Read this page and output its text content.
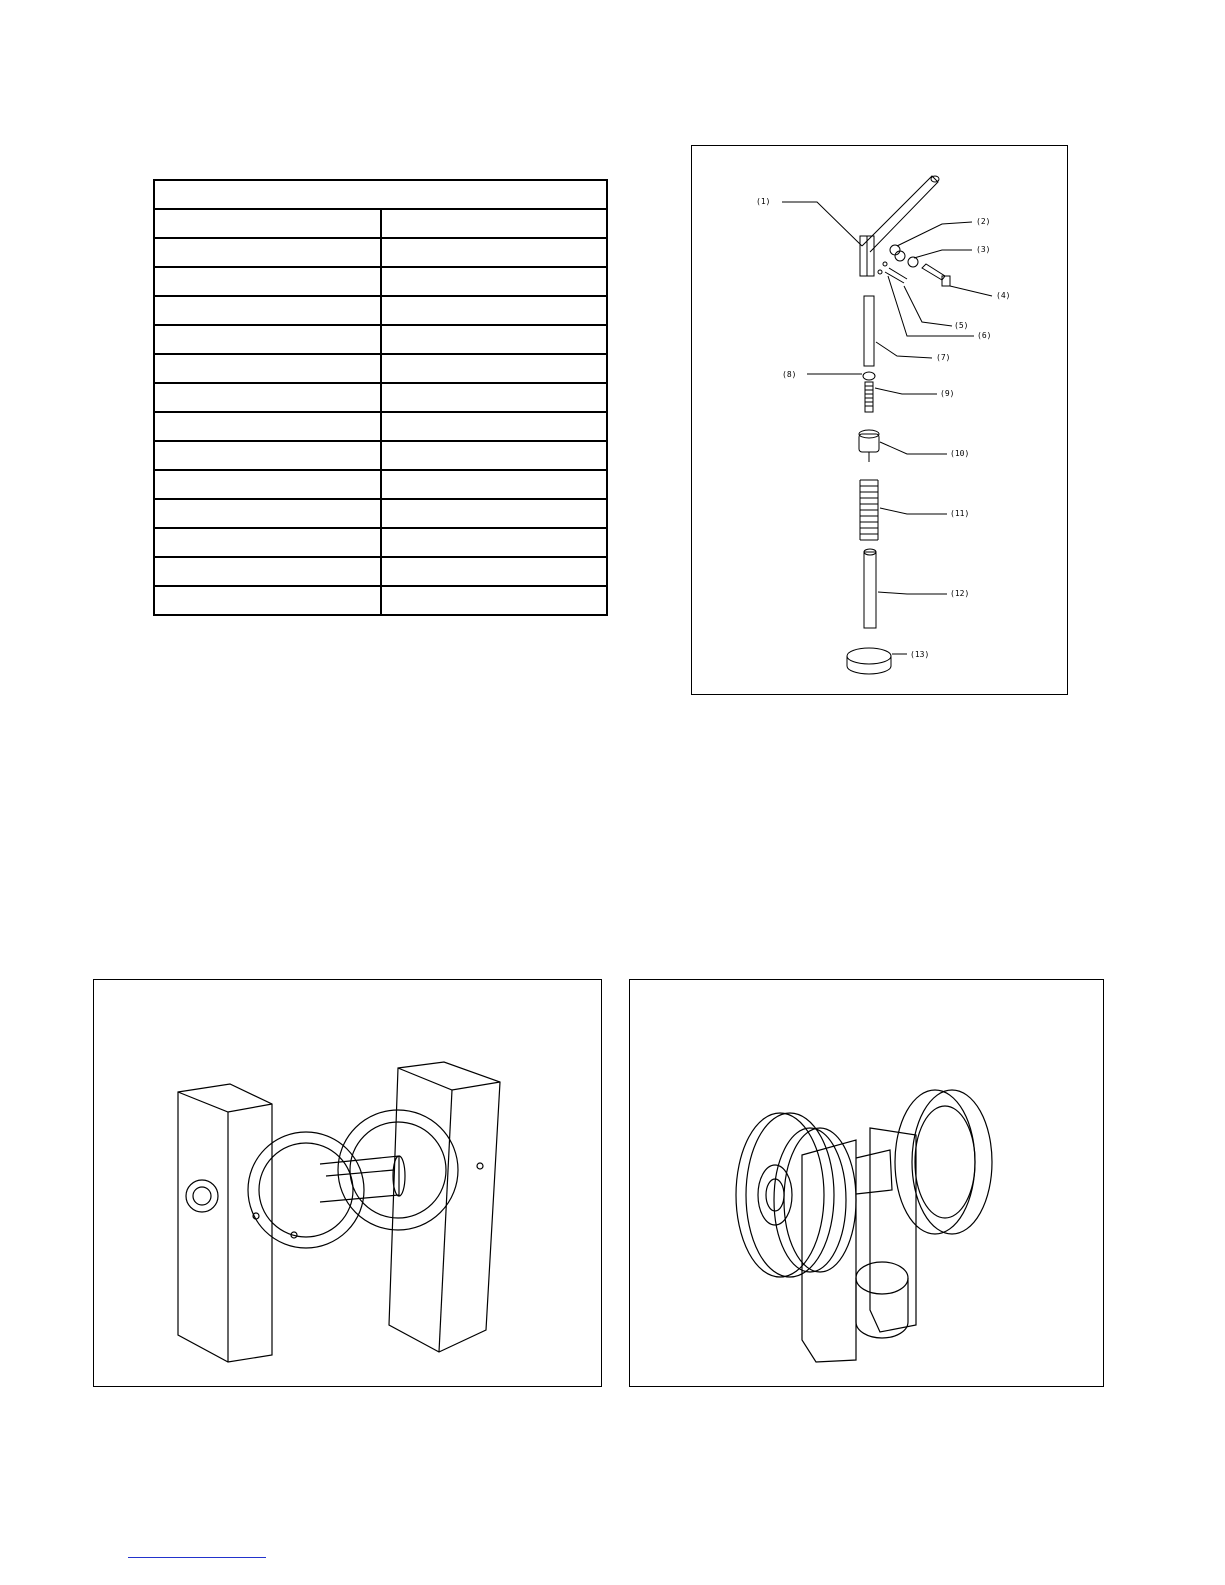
(1)
(2)
(3)
(4)
(5)
(6)
(7)
(8)
(9)
(10)
(11)
(12)
(13)
